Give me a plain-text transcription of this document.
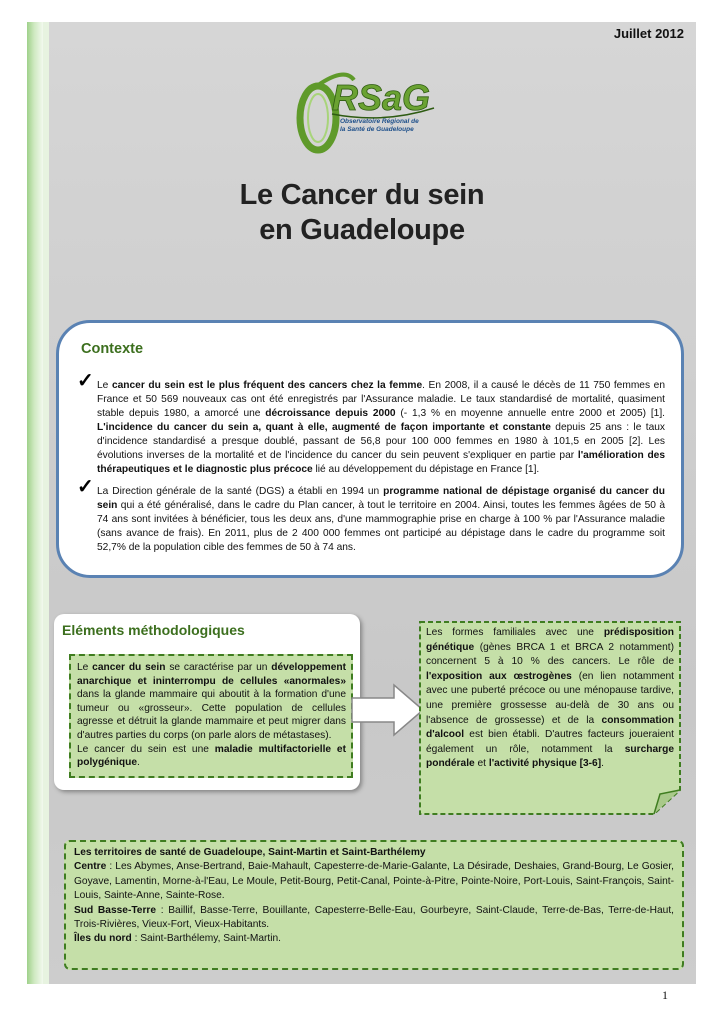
Juillet 2012
RSaG
Observatoire Régional de
la Santé de Guadeloupe
Le Cancer du sein
en Guadeloupe
Contexte
✓ Le cancer du sein est le plus fréquent des cancers chez la femme. En 2008, il a causé le décès de 11 750 femmes en France et 50 569 nouveaux cas ont été enregistrés par l'Assurance maladie. Le taux standardisé de mortalité, quasiment stable depuis 1980, a amorcé une décroissance depuis 2000 (- 1,3 % en moyenne annuelle entre 2000 et 2005) [1]. L'incidence du cancer du sein a, quant à elle, augmenté de façon importante et constante depuis 25 ans : le taux d'incidence standardisé a presque doublé, passant de 56,8 pour 100 000 femmes en 1980 à 101,5 en 2005 [2]. Les évolutions inverses de la mortalité et de l'incidence du cancer du sein peuvent s'expliquer en partie par l'amélioration des thérapeutiques et le diagnostic plus précoce lié au développement du dépistage en France [1].
✓ La Direction générale de la santé (DGS) a établi en 1994 un programme national de dépistage organisé du cancer du sein qui a été généralisé, dans le cadre du Plan cancer, à tout le territoire en 2004. Ainsi, toutes les femmes âgées de 50 à 74 ans sont invitées à bénéficier, tous les deux ans, d'une mammographie prise en charge à 100 % par l'Assurance maladie (sans avance de frais). En 2011, plus de 2 400 000 femmes ont participé au dépistage dans le cadre du programme soit 52,7% de la population cible des femmes de 50 à 74 ans.
Eléments méthodologiques
Le cancer du sein se caractérise par un développement anarchique et ininterrompu de cellules «anormales» dans la glande mammaire qui aboutit à la formation d'une tumeur ou «grosseur». Cette population de cellules agresse et détruit la glande mammaire et peut migrer dans d'autres parties du corps (on parle alors de métastases).
Le cancer du sein est une maladie multifactorielle et polygénique.
Les formes familiales avec une prédisposition génétique (gènes BRCA 1 et BRCA 2 notamment) concernent 5 à 10 % des cancers. Le rôle de l'exposition aux œstrogènes (en lien notamment avec une puberté précoce ou une ménopause tardive, une première grossesse au-delà de 30 ans ou l'absence de grossesse) et de la consommation d'alcool est bien établi. D'autres facteurs joueraient également un rôle, notamment la surcharge pondérale et l'activité physique [3-6].
Les territoires de santé de Guadeloupe, Saint-Martin et Saint-Barthélemy
Centre : Les Abymes, Anse-Bertrand, Baie-Mahault, Capesterre-de-Marie-Galante, La Désirade, Deshaies, Grand-Bourg, Le Gosier, Goyave, Lamentin, Morne-à-l'Eau, Le Moule, Petit-Bourg, Petit-Canal, Pointe-à-Pitre, Pointe-Noire, Port-Louis, Saint-François, Saint-Louis, Sainte-Anne, Sainte-Rose.
Sud Basse-Terre : Baillif, Basse-Terre, Bouillante, Capesterre-Belle-Eau, Gourbeyre, Saint-Claude, Terre-de-Bas, Terre-de-Haut, Trois-Rivières, Vieux-Fort, Vieux-Habitants.
Îles du nord : Saint-Barthélemy, Saint-Martin.
1
